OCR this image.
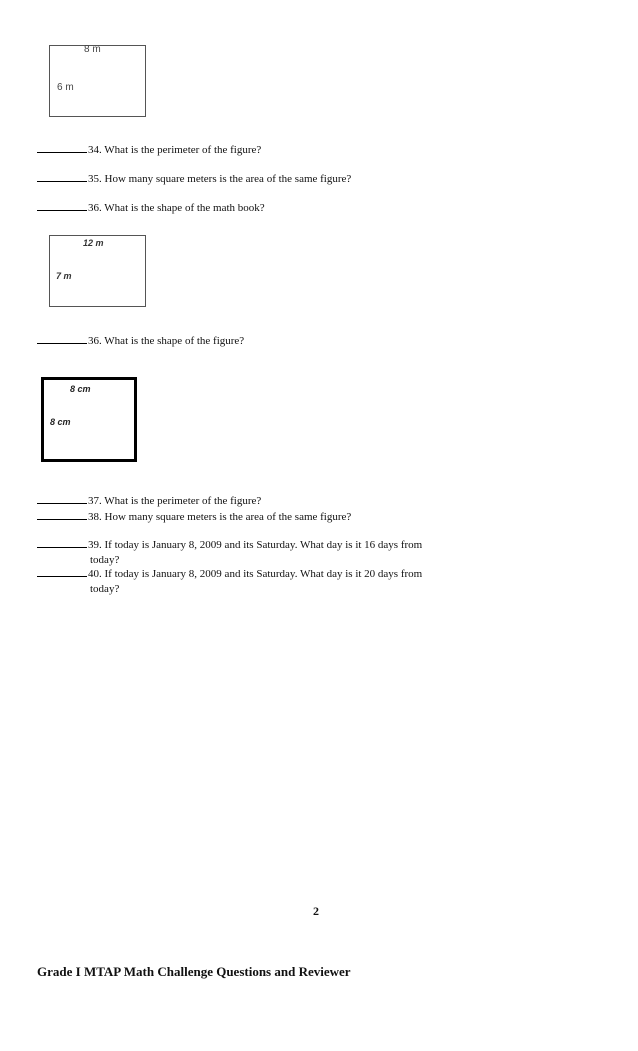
8 m
6 m
34. What is the perimeter of the figure?
35. How many square meters is the area of the same figure?
36. What is the shape of the math book?
12 m
7 m
36. What is the shape of the figure?
8 cm
8 cm
37. What is the perimeter of the figure?
38. How many square meters is the area of the same figure?
39. If today is January 8, 2009 and its Saturday. What day is it 16 days from
today?
40. If today is January 8, 2009 and its Saturday. What day is it 20 days from
today?
2
Grade I MTAP Math Challenge Questions and Reviewer
